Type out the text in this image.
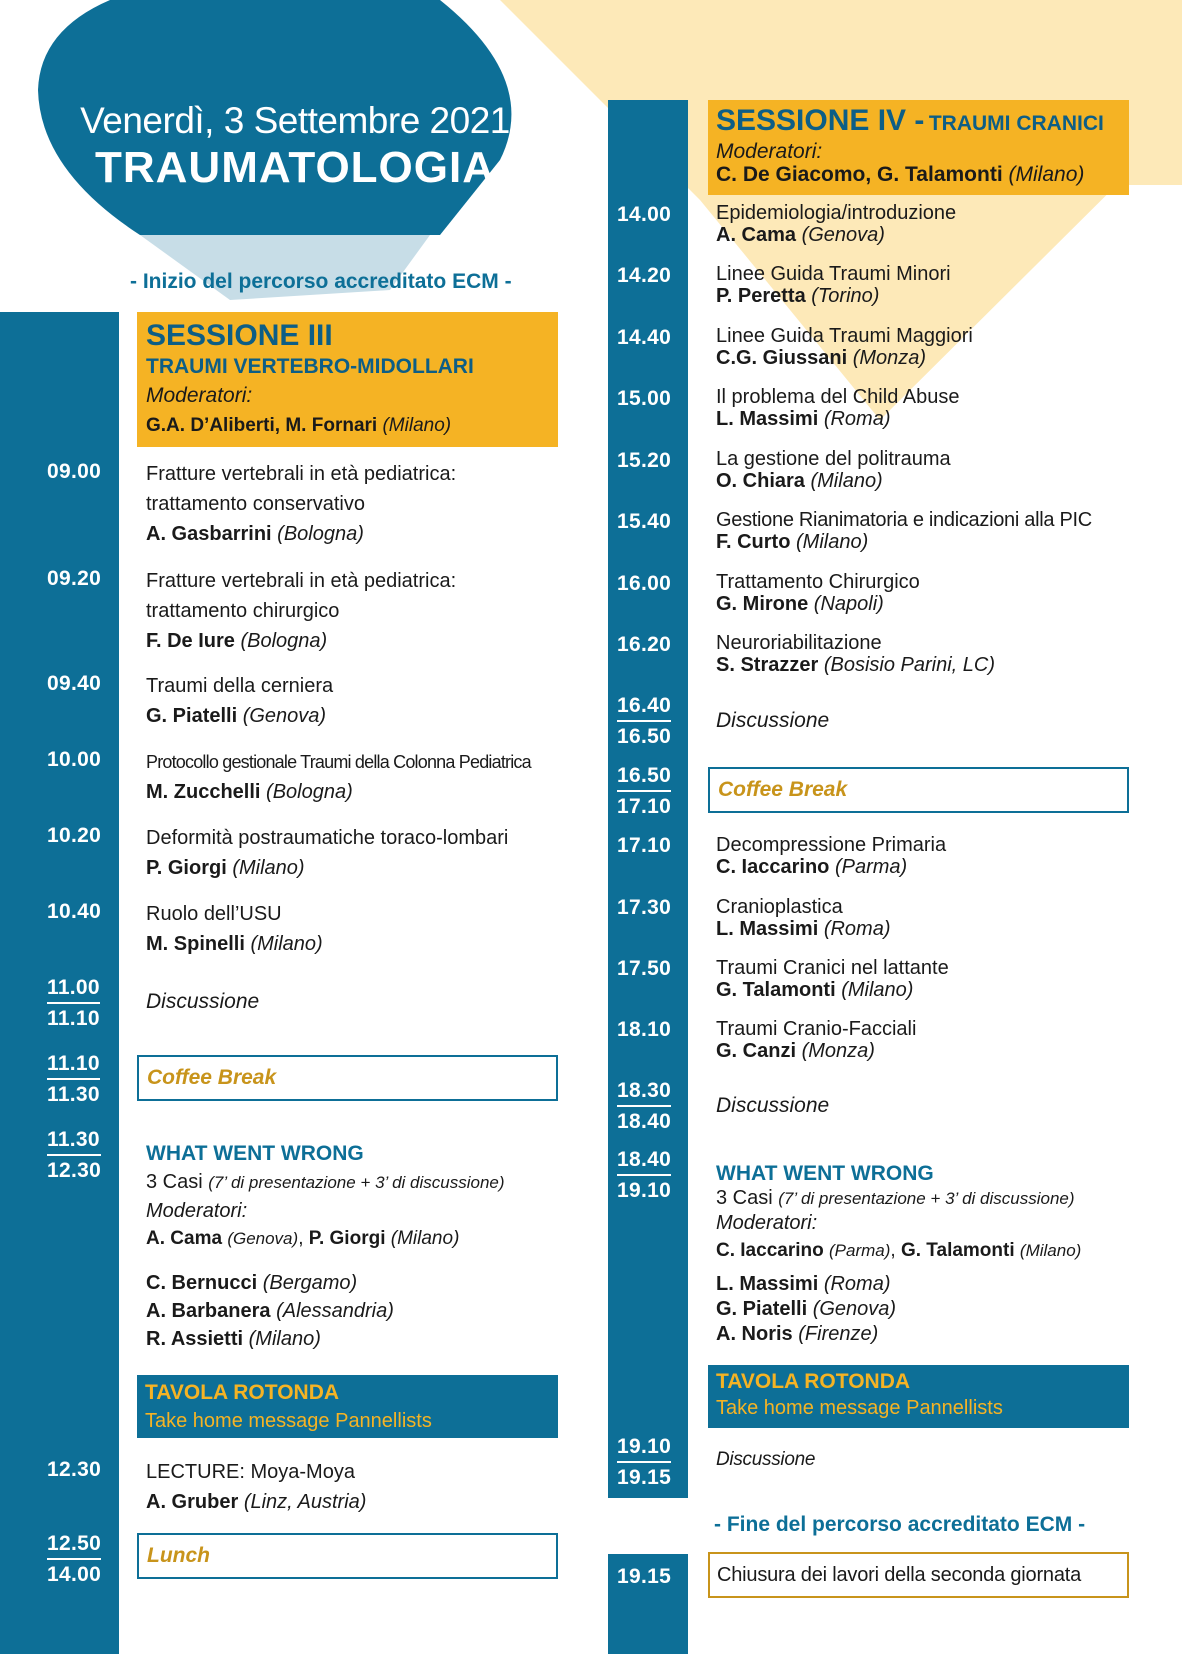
Venerdì, 3 Settembre 2021
TRAUMATOLOGIA
- Inizio del percorso accreditato ECM -
SESSIONE III
TRAUMI VERTEBRO-MIDOLLARI
Moderatori:
G.A. D’Aliberti, M. Fornari (Milano)
09.00 Fratture vertebrali in età pediatrica:
trattamento conservativo
A. Gasbarrini (Bologna)
09.20 Fratture vertebrali in età pediatrica:
trattamento chirurgico
F. De Iure (Bologna)
09.40 Traumi della cerniera
G. Piatelli (Genova)
10.00 Protocollo gestionale Traumi della Colonna Pediatrica
M. Zucchelli (Bologna)
10.20 Deformità postraumatiche toraco-lombari
P. Giorgi (Milano)
10.40 Ruolo dell’USU
M. Spinelli (Milano)
11.00
11.10
Discussione
11.10
11.30
Coffee Break
11.30
12.30
WHAT WENT WRONG
3 Casi (7’ di presentazione + 3’ di discussione)
Moderatori:
A. Cama (Genova), P. Giorgi (Milano)
C. Bernucci (Bergamo)
A. Barbanera (Alessandria)
R. Assietti (Milano)
TAVOLA ROTONDA
Take home message Pannellists
12.30 LECTURE: Moya-Moya
A. Gruber (Linz, Austria)
12.50
14.00
Lunch
SESSIONE IV - TRAUMI CRANICI
Moderatori:
C. De Giacomo, G. Talamonti (Milano)
14.00 Epidemiologia/introduzione
A. Cama (Genova)
14.20 Linee Guida Traumi Minori
P. Peretta (Torino)
14.40 Linee Guida Traumi Maggiori
C.G. Giussani (Monza)
15.00 Il problema del Child Abuse
L. Massimi (Roma)
15.20 La gestione del politrauma
O. Chiara (Milano)
15.40 Gestione Rianimatoria e indicazioni alla PIC
F. Curto (Milano)
16.00 Trattamento Chirurgico
G. Mirone (Napoli)
16.20 Neuroriabilitazione
S. Strazzer (Bosisio Parini, LC)
16.40
16.50
Discussione
16.50
17.10
Coffee Break
17.10 Decompressione Primaria
C. Iaccarino (Parma)
17.30 Cranioplastica
L. Massimi (Roma)
17.50 Traumi Cranici nel lattante
G. Talamonti (Milano)
18.10 Traumi Cranio-Facciali
G. Canzi (Monza)
18.30
18.40
Discussione
18.40
19.10
WHAT WENT WRONG
3 Casi (7’ di presentazione + 3’ di discussione)
Moderatori:
C. Iaccarino (Parma), G. Talamonti (Milano)
L. Massimi (Roma)
G. Piatelli (Genova)
A. Noris (Firenze)
TAVOLA ROTONDA
Take home message Pannellists
19.10
19.15
Discussione
- Fine del percorso accreditato ECM -
19.15 Chiusura dei lavori della seconda giornata
